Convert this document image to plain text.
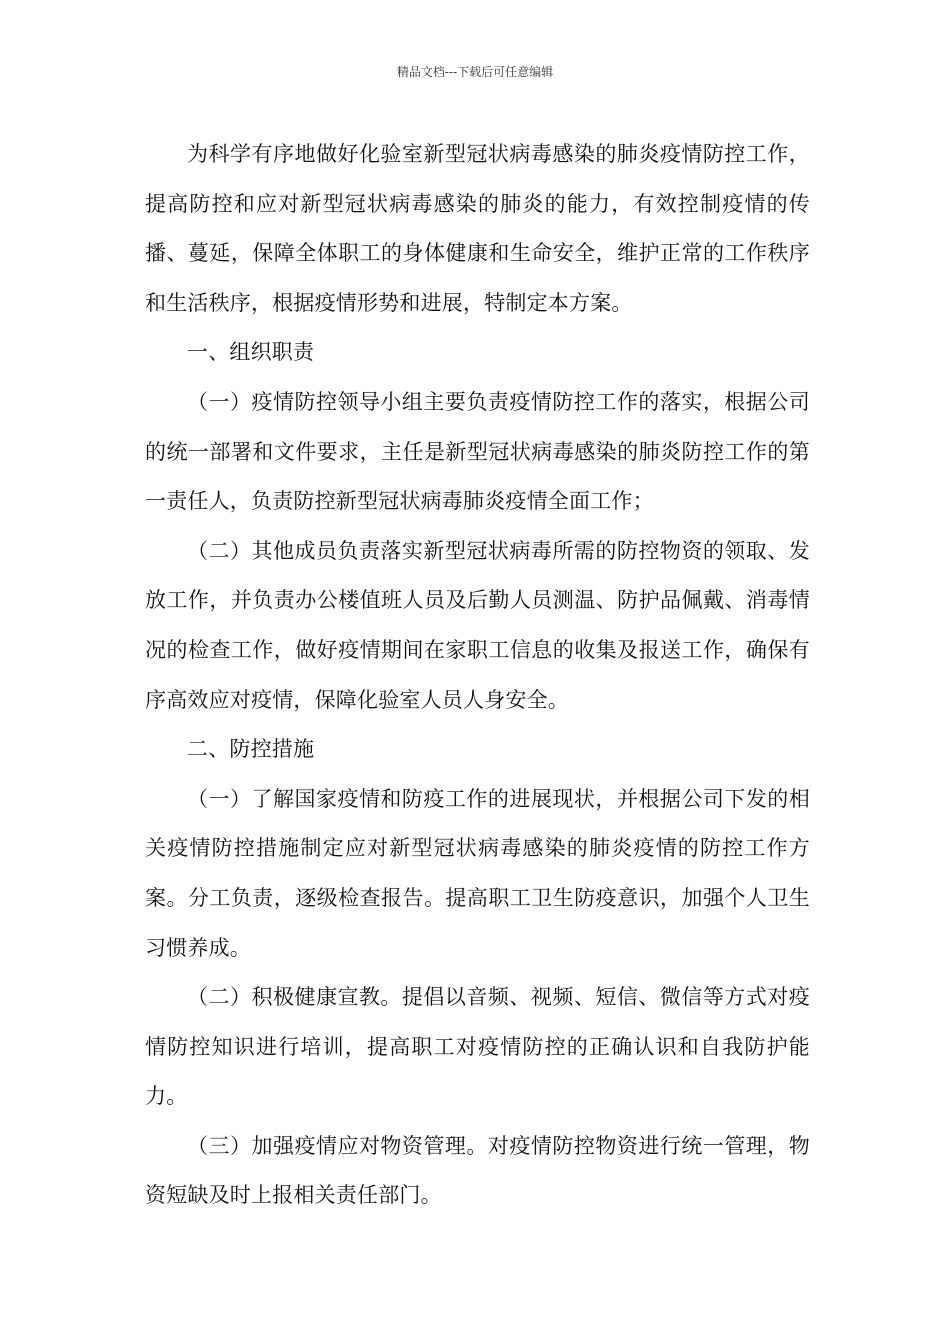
精品文档---下载后可任意编辑

为科学有序地做好化验室新型冠状病毒感染的肺炎疫情防控工作，提高防控和应对新型冠状病毒感染的肺炎的能力，有效控制疫情的传播、蔓延，保障全体职工的身体健康和生命安全，维护正常的工作秩序和生活秩序，根据疫情形势和进展，特制定本方案。

一、组织职责

（一）疫情防控领导小组主要负责疫情防控工作的落实，根据公司的统一部署和文件要求，主任是新型冠状病毒感染的肺炎防控工作的第一责任人，负责防控新型冠状病毒肺炎疫情全面工作；

（二）其他成员负责落实新型冠状病毒所需的防控物资的领取、发放工作，并负责办公楼值班人员及后勤人员测温、防护品佩戴、消毒情况的检查工作，做好疫情期间在家职工信息的收集及报送工作，确保有序高效应对疫情，保障化验室人员人身安全。

二、防控措施

（一）了解国家疫情和防疫工作的进展现状，并根据公司下发的相关疫情防控措施制定应对新型冠状病毒感染的肺炎疫情的防控工作方案。分工负责，逐级检查报告。提高职工卫生防疫意识，加强个人卫生习惯养成。

（二）积极健康宣教。提倡以音频、视频、短信、微信等方式对疫情防控知识进行培训，提高职工对疫情防控的正确认识和自我防护能力。

（三）加强疫情应对物资管理。对疫情防控物资进行统一管理，物资短缺及时上报相关责任部门。
